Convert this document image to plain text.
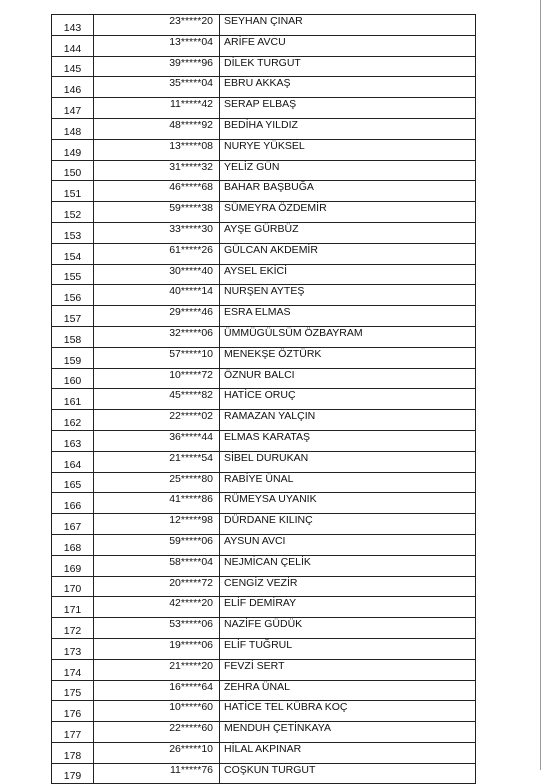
143	23*****20	SEYHAN ÇINAR
144	13*****04	ARİFE AVCU
145	39*****96	DİLEK TURGUT
146	35*****04	EBRU AKKAŞ
147	11*****42	SERAP ELBAŞ
148	48*****92	BEDİHA YILDIZ
149	13*****08	NURYE YÜKSEL
150	31*****32	YELİZ GÜN
151	46*****68	BAHAR BAŞBUĞA
152	59*****38	SÜMEYRA ÖZDEMİR
153	33*****30	AYŞE GÜRBÜZ
154	61*****26	GÜLCAN AKDEMİR
155	30*****40	AYSEL EKİCİ
156	40*****14	NURŞEN AYTEŞ
157	29*****46	ESRA ELMAS
158	32*****06	ÜMMÜGÜLSÜM ÖZBAYRAM
159	57*****10	MENEKŞE ÖZTÜRK
160	10*****72	ÖZNUR BALCI
161	45*****82	HATİCE ORUÇ
162	22*****02	RAMAZAN YALÇIN
163	36*****44	ELMAS KARATAŞ
164	21*****54	SİBEL DURUKAN
165	25*****80	RABİYE ÜNAL
166	41*****86	RÜMEYSA UYANIK
167	12*****98	DÜRDANE KILINÇ
168	59*****06	AYSUN AVCI
169	58*****04	NEJMİCAN ÇELİK
170	20*****72	CENGİZ VEZİR
171	42*****20	ELİF DEMİRAY
172	53*****06	NAZİFE GÜDÜK
173	19*****06	ELİF TUĞRUL
174	21*****20	FEVZİ SERT
175	16*****64	ZEHRA ÜNAL
176	10*****60	HATİCE TEL KÜBRA KOÇ
177	22*****60	MENDUH ÇETİNKAYA
178	26*****10	HİLAL AKPINAR
179	11*****76	COŞKUN TURGUT
